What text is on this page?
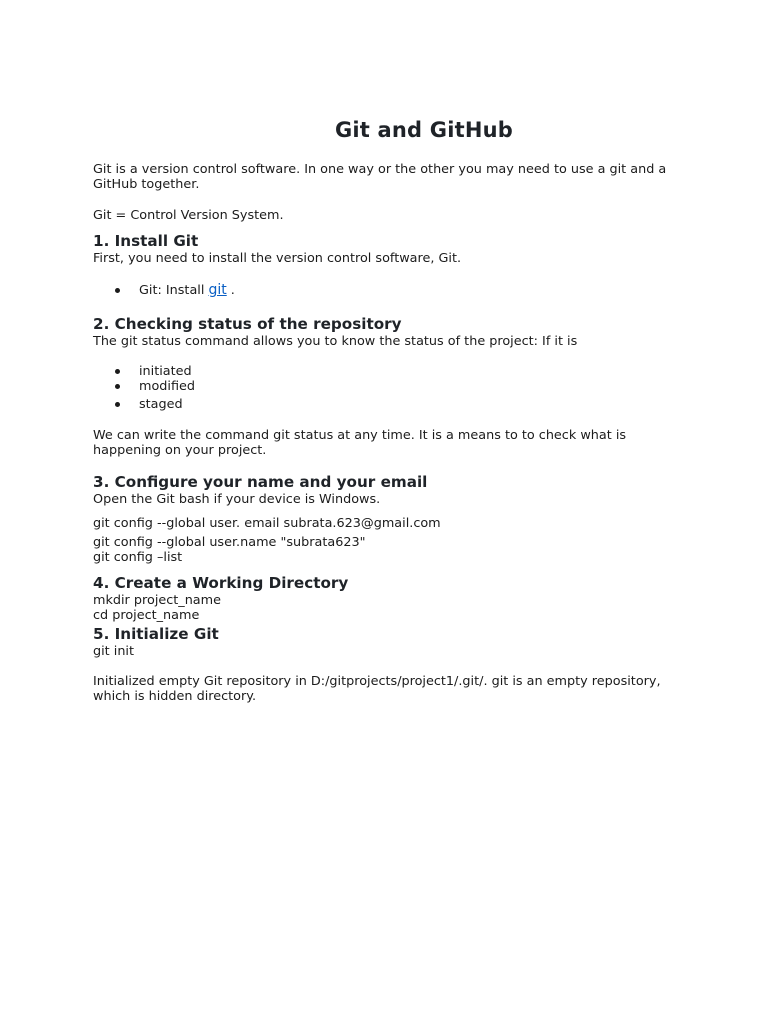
Git and GitHub

Git is a version control software. In one way or the other you may need to use a git and a GitHub together.

Git = Control Version System.

1. Install Git

First, you need to install the version control software, Git.

Git: Install git .

2. Checking status of the repository

The git status command allows you to know the status of the project: If it is

initiated

modified

staged

We can write the command git status at any time. It is a means to to check what is happening on your project.

3. Configure your name and your email

Open the Git bash if your device is Windows.

git config --global user. email subrata.623@gmail.com

git config --global user.name "subrata623"

git config –list

4. Create a Working Directory

mkdir project_name

cd project_name

5. Initialize Git

git init

Initialized empty Git repository in D:/gitprojects/project1/.git/. git is an empty repository, which is hidden directory.
